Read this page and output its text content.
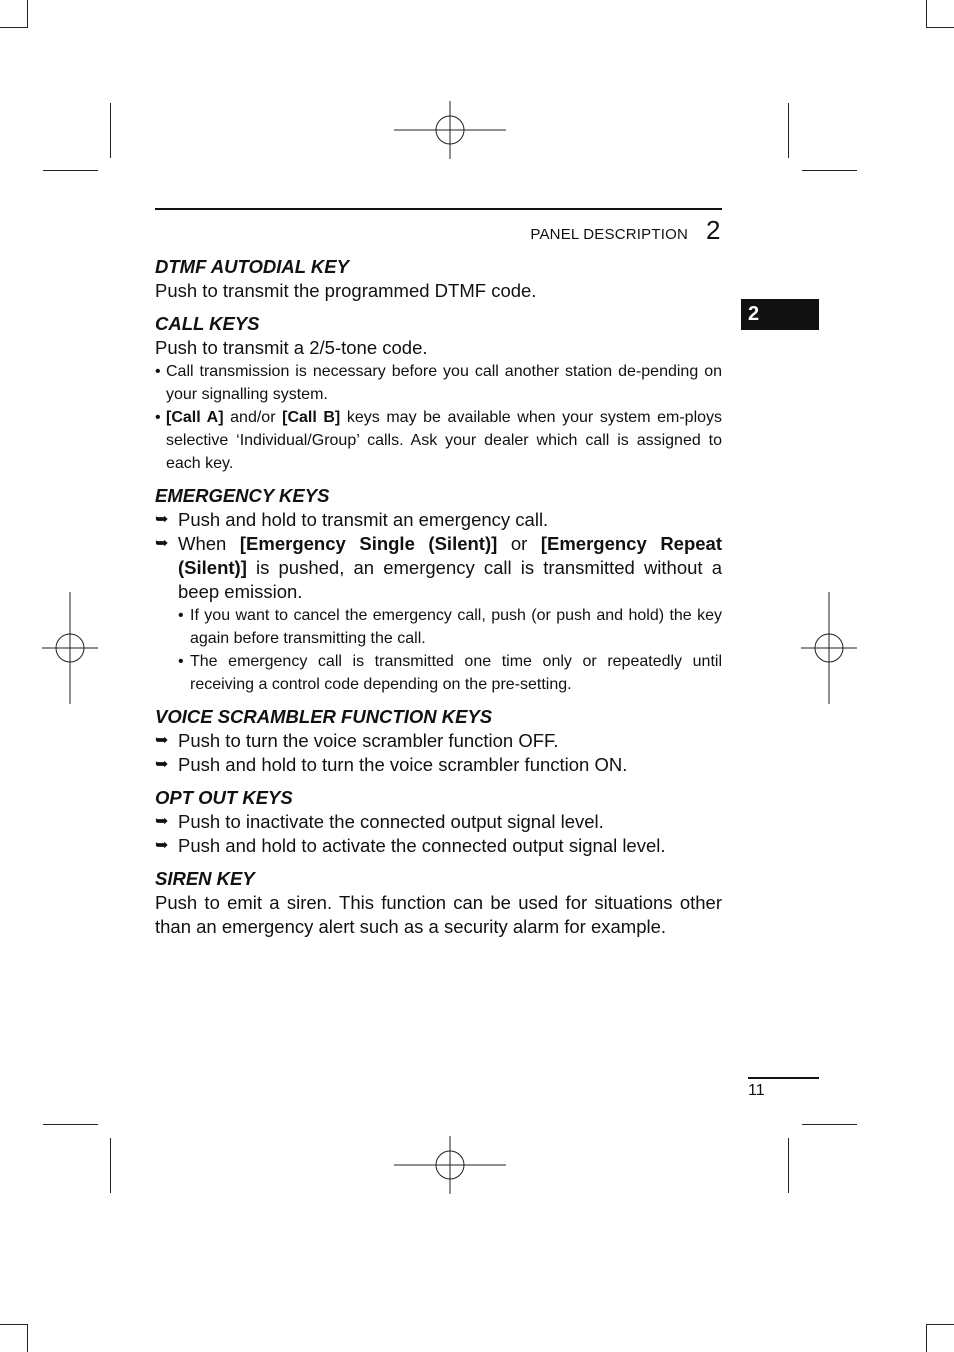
PANEL DESCRIPTION 2
2
DTMF AUTODIAL KEY

Push to transmit the programmed DTMF code.

CALL KEYS

Push to transmit a 2/5-tone code.

• Call transmission is necessary before you call another station de-pending on your signalling system.
• [Call A] and/or [Call B] keys may be available when your system em-ploys selective ‘Individual/Group’ calls. Ask your dealer which call is assigned to each key.
EMERGENCY KEYS
➥ Push and hold to transmit an emergency call.
➥ When [Emergency Single (Silent)] or [Emergency Repeat (Silent)] is pushed, an emergency call is transmitted without a beep emission.
• If you want to cancel the emergency call, push (or push and hold) the key again before transmitting the call.
• The emergency call is transmitted one time only or repeatedly until receiving a control code depending on the pre-setting.
VOICE SCRAMBLER FUNCTION KEYS
➥ Push to turn the voice scrambler function OFF.
➥ Push and hold to turn the voice scrambler function ON.
OPT OUT KEYS
➥ Push to inactivate the connected output signal level.
➥ Push and hold to activate the connected output signal level.
SIREN KEY

Push to emit a siren. This function can be used for situations other than an emergency alert such as a security alarm for example.

11
